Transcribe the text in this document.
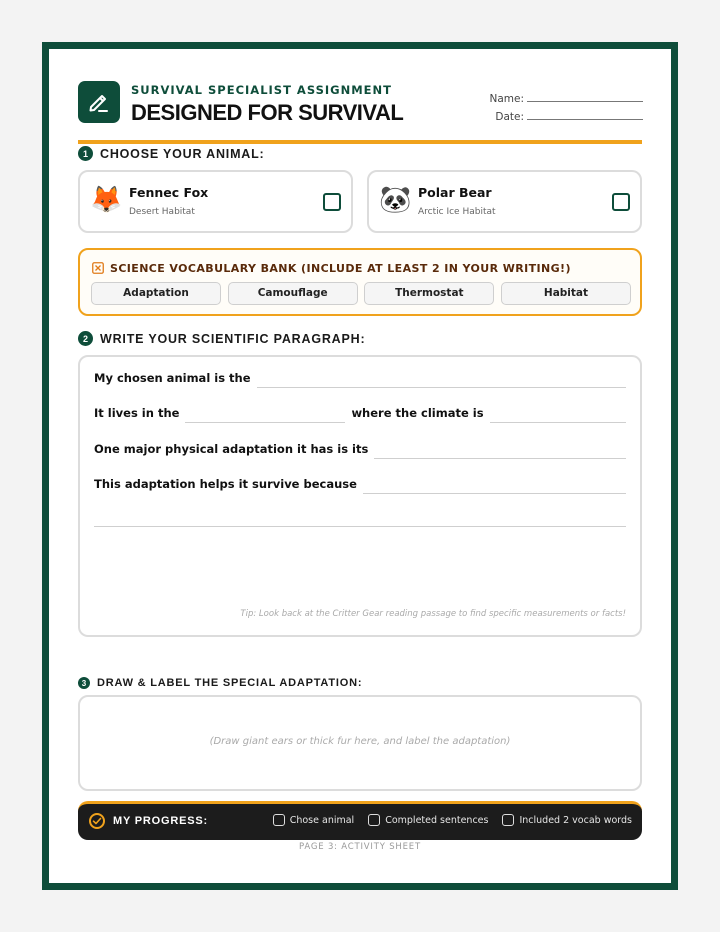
SURVIVAL SPECIALIST ASSIGNMENT
DESIGNED FOR SURVIVAL
Name:
Date:
1 CHOOSE YOUR ANIMAL:
🦊 Fennec Fox
Desert Habitat	🐼 Polar Bear
Arctic Ice Habitat
SCIENCE VOCABULARY BANK (INCLUDE AT LEAST 2 IN YOUR WRITING!)
Adaptation	Camouflage	Thermostat	Habitat
2 WRITE YOUR SCIENTIFIC PARAGRAPH:
My chosen animal is the
It lives in the	where the climate is
One major physical adaptation it has is its
This adaptation helps it survive because
Tip: Look back at the Critter Gear reading passage to find specific measurements or facts!
3 DRAW & LABEL THE SPECIAL ADAPTATION:
(Draw giant ears or thick fur here, and label the adaptation)
MY PROGRESS:	Chose animal	Completed sentences	Included 2 vocab words
PAGE 3: ACTIVITY SHEET
